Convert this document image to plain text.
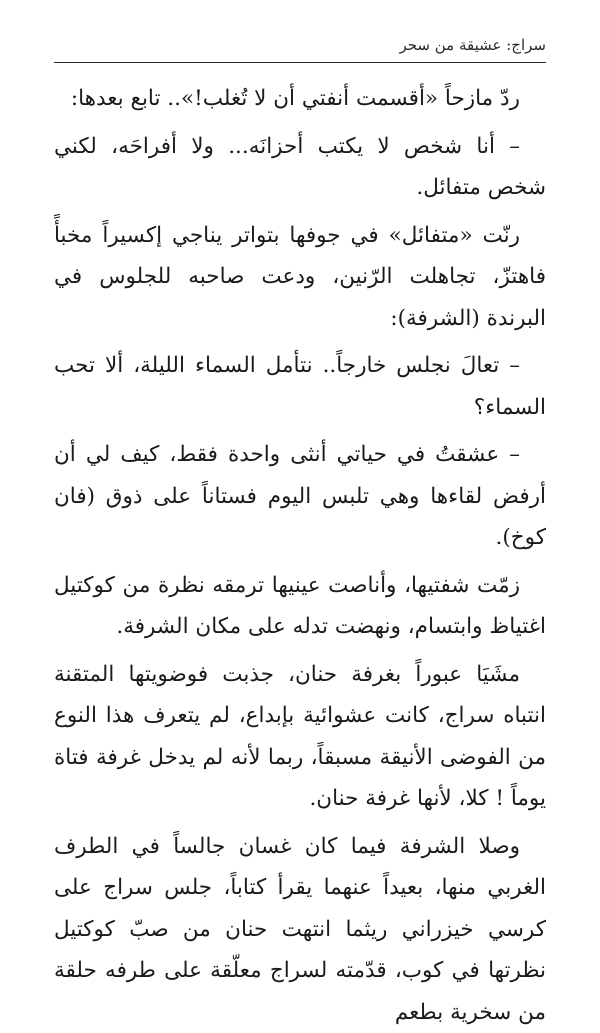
سراج: عشيقة من سحر

ردّ مازحاً «أقسمت أنفتي أن لا تُغلب!».. تابع بعدها:

– أنا شخص لا يكتب أحزانَه... ولا أفراحَه، لكني شخص متفائل.

رنّت «متفائل» في جوفها بتواتر يناجي إكسيراً مخبأً فاهتزّ، تجاهلت الرّنين، ودعت صاحبه للجلوس في البرندة (الشرفة):

– تعالَ نجلس خارجاً.. نتأمل السماء الليلة، ألا تحب السماء؟

– عشقتُ في حياتي أنثى واحدة فقط، كيف لي أن أرفض لقاءها وهي تلبس اليوم فستاناً على ذوق (فان كوخ).

زمّت شفتيها، وأناصت عينيها ترمقه نظرة من كوكتيل اغتياظ وابتسام، ونهضت تدله على مكان الشرفة.

مشَيَا عبوراً بغرفة حنان، جذبت فوضويتها المتقنة انتباه سراج، كانت عشوائية بإبداع، لم يتعرف هذا النوع من الفوضى الأنيقة مسبقاً، ربما لأنه لم يدخل غرفة فتاة يوماً ! كلا، لأنها غرفة حنان.

وصلا الشرفة فيما كان غسان جالساً في الطرف الغربي منها، بعيداً عنهما يقرأ كتاباً، جلس سراج على كرسي خيزراني ريثما انتهت حنان من صبّ كوكتيل نظرتها في كوب، قدّمته لسراج معلّقة على طرفه حلقة من سخرية بطعم
